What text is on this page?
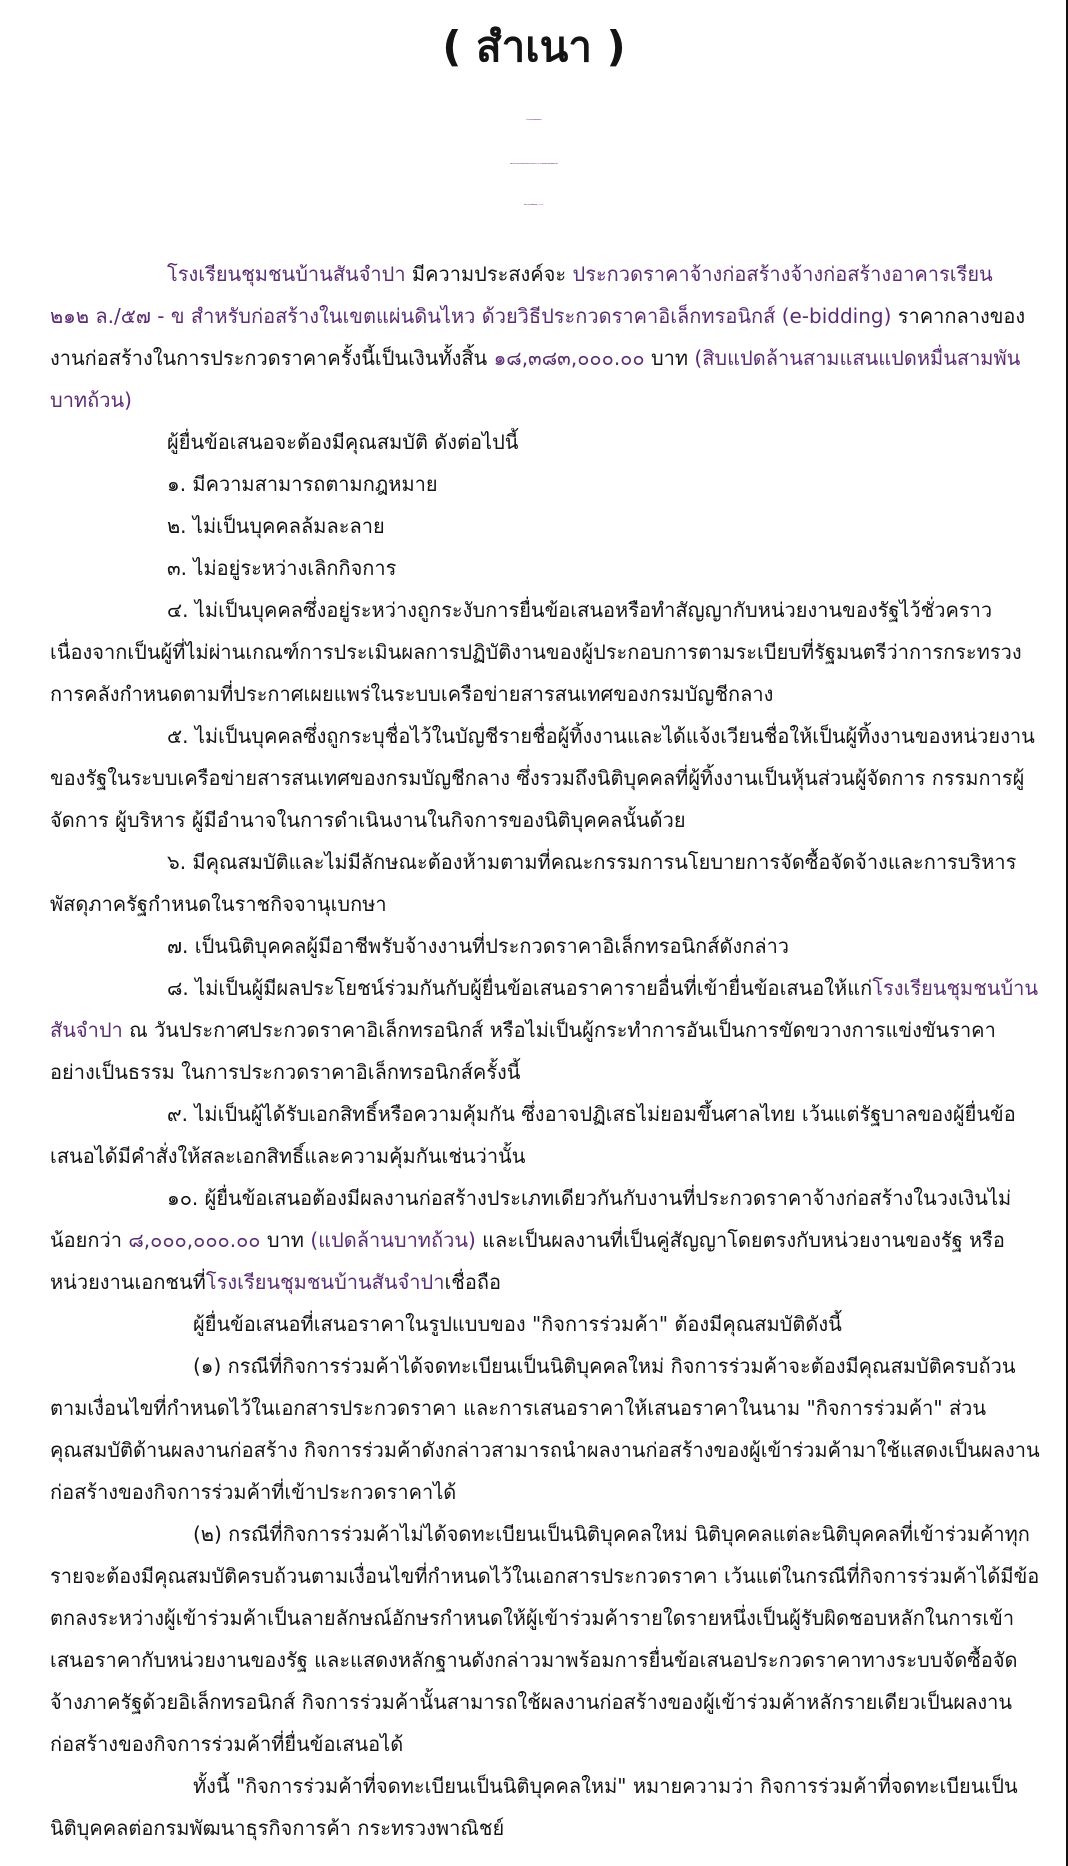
( สำเนา )
ประกาศโรงเรียนชุมชนบ้านสันจำปา
เรื่อง ประกวดราคาจ้างก่อสร้างจ้างก่อสร้างอาคารเรียน ๒๑๒ ล./๕๗ - ข สำหรับก่อสร้างในเขตแผ่นดินไหว ด้วย
วิธีประกวดราคาอิเล็กทรอนิกส์ (e-bidding)
โรงเรียนชุมชนบ้านสันจำปา มีความประสงค์จะ ประกวดราคาจ้างก่อสร้างจ้างก่อสร้างอาคารเรียน
๒๑๒ ล./๕๗ - ข สำหรับก่อสร้างในเขตแผ่นดินไหว ด้วยวิธีประกวดราคาอิเล็กทรอนิกส์ (e-bidding) ราคากลางของ
งานก่อสร้างในการประกวดราคาครั้งนี้เป็นเงินทั้งสิ้น ๑๘,๓๘๓,๐๐๐.๐๐ บาท (สิบแปดล้านสามแสนแปดหมื่นสามพัน
บาทถ้วน)
ผู้ยื่นข้อเสนอจะต้องมีคุณสมบัติ ดังต่อไปนี้
๑. มีความสามารถตามกฎหมาย
๒. ไม่เป็นบุคคลล้มละลาย
๓. ไม่อยู่ระหว่างเลิกกิจการ
๔. ไม่เป็นบุคคลซึ่งอยู่ระหว่างถูกระงับการยื่นข้อเสนอหรือทำสัญญากับหน่วยงานของรัฐไว้ชั่วคราว
เนื่องจากเป็นผู้ที่ไม่ผ่านเกณฑ์การประเมินผลการปฏิบัติงานของผู้ประกอบการตามระเบียบที่รัฐมนตรีว่าการกระทรวง
การคลังกำหนดตามที่ประกาศเผยแพร่ในระบบเครือข่ายสารสนเทศของกรมบัญชีกลาง
๕. ไม่เป็นบุคคลซึ่งถูกระบุชื่อไว้ในบัญชีรายชื่อผู้ทิ้งงานและได้แจ้งเวียนชื่อให้เป็นผู้ทิ้งงานของหน่วยงาน
ของรัฐในระบบเครือข่ายสารสนเทศของกรมบัญชีกลาง ซึ่งรวมถึงนิติบุคคลที่ผู้ทิ้งงานเป็นหุ้นส่วนผู้จัดการ กรรมการผู้
จัดการ ผู้บริหาร ผู้มีอำนาจในการดำเนินงานในกิจการของนิติบุคคลนั้นด้วย
๖. มีคุณสมบัติและไม่มีลักษณะต้องห้ามตามที่คณะกรรมการนโยบายการจัดซื้อจัดจ้างและการบริหาร
พัสดุภาครัฐกำหนดในราชกิจจานุเบกษา
๗. เป็นนิติบุคคลผู้มีอาชีพรับจ้างงานที่ประกวดราคาอิเล็กทรอนิกส์ดังกล่าว
๘. ไม่เป็นผู้มีผลประโยชน์ร่วมกันกับผู้ยื่นข้อเสนอราคารายอื่นที่เข้ายื่นข้อเสนอให้แก่โรงเรียนชุมชนบ้าน
สันจำปา ณ วันประกาศประกวดราคาอิเล็กทรอนิกส์ หรือไม่เป็นผู้กระทำการอันเป็นการขัดขวางการแข่งขันราคา
อย่างเป็นธรรม ในการประกวดราคาอิเล็กทรอนิกส์ครั้งนี้
๙. ไม่เป็นผู้ได้รับเอกสิทธิ์หรือความคุ้มกัน ซึ่งอาจปฏิเสธไม่ยอมขึ้นศาลไทย เว้นแต่รัฐบาลของผู้ยื่นข้อ
เสนอได้มีคำสั่งให้สละเอกสิทธิ์และความคุ้มกันเช่นว่านั้น
๑๐. ผู้ยื่นข้อเสนอต้องมีผลงานก่อสร้างประเภทเดียวกันกับงานที่ประกวดราคาจ้างก่อสร้างในวงเงินไม่
น้อยกว่า ๘,๐๐๐,๐๐๐.๐๐ บาท (แปดล้านบาทถ้วน) และเป็นผลงานที่เป็นคู่สัญญาโดยตรงกับหน่วยงานของรัฐ หรือ
หน่วยงานเอกชนที่โรงเรียนชุมชนบ้านสันจำปาเชื่อถือ
ผู้ยื่นข้อเสนอที่เสนอราคาในรูปแบบของ "กิจการร่วมค้า" ต้องมีคุณสมบัติดังนี้
(๑) กรณีที่กิจการร่วมค้าได้จดทะเบียนเป็นนิติบุคคลใหม่ กิจการร่วมค้าจะต้องมีคุณสมบัติครบถ้วน
ตามเงื่อนไขที่กำหนดไว้ในเอกสารประกวดราคา และการเสนอราคาให้เสนอราคาในนาม "กิจการร่วมค้า" ส่วน
คุณสมบัติด้านผลงานก่อสร้าง กิจการร่วมค้าดังกล่าวสามารถนำผลงานก่อสร้างของผู้เข้าร่วมค้ามาใช้แสดงเป็นผลงาน
ก่อสร้างของกิจการร่วมค้าที่เข้าประกวดราคาได้
(๒) กรณีที่กิจการร่วมค้าไม่ได้จดทะเบียนเป็นนิติบุคคลใหม่ นิติบุคคลแต่ละนิติบุคคลที่เข้าร่วมค้าทุก
รายจะต้องมีคุณสมบัติครบถ้วนตามเงื่อนไขที่กำหนดไว้ในเอกสารประกวดราคา เว้นแต่ในกรณีที่กิจการร่วมค้าได้มีข้อ
ตกลงระหว่างผู้เข้าร่วมค้าเป็นลายลักษณ์อักษรกำหนดให้ผู้เข้าร่วมค้ารายใดรายหนึ่งเป็นผู้รับผิดชอบหลักในการเข้า
เสนอราคากับหน่วยงานของรัฐ และแสดงหลักฐานดังกล่าวมาพร้อมการยื่นข้อเสนอประกวดราคาทางระบบจัดซื้อจัด
จ้างภาครัฐด้วยอิเล็กทรอนิกส์ กิจการร่วมค้านั้นสามารถใช้ผลงานก่อสร้างของผู้เข้าร่วมค้าหลักรายเดียวเป็นผลงาน
ก่อสร้างของกิจการร่วมค้าที่ยื่นข้อเสนอได้
ทั้งนี้ "กิจการร่วมค้าที่จดทะเบียนเป็นนิติบุคคลใหม่" หมายความว่า กิจการร่วมค้าที่จดทะเบียนเป็น
นิติบุคคลต่อกรมพัฒนาธุรกิจการค้า กระทรวงพาณิชย์
